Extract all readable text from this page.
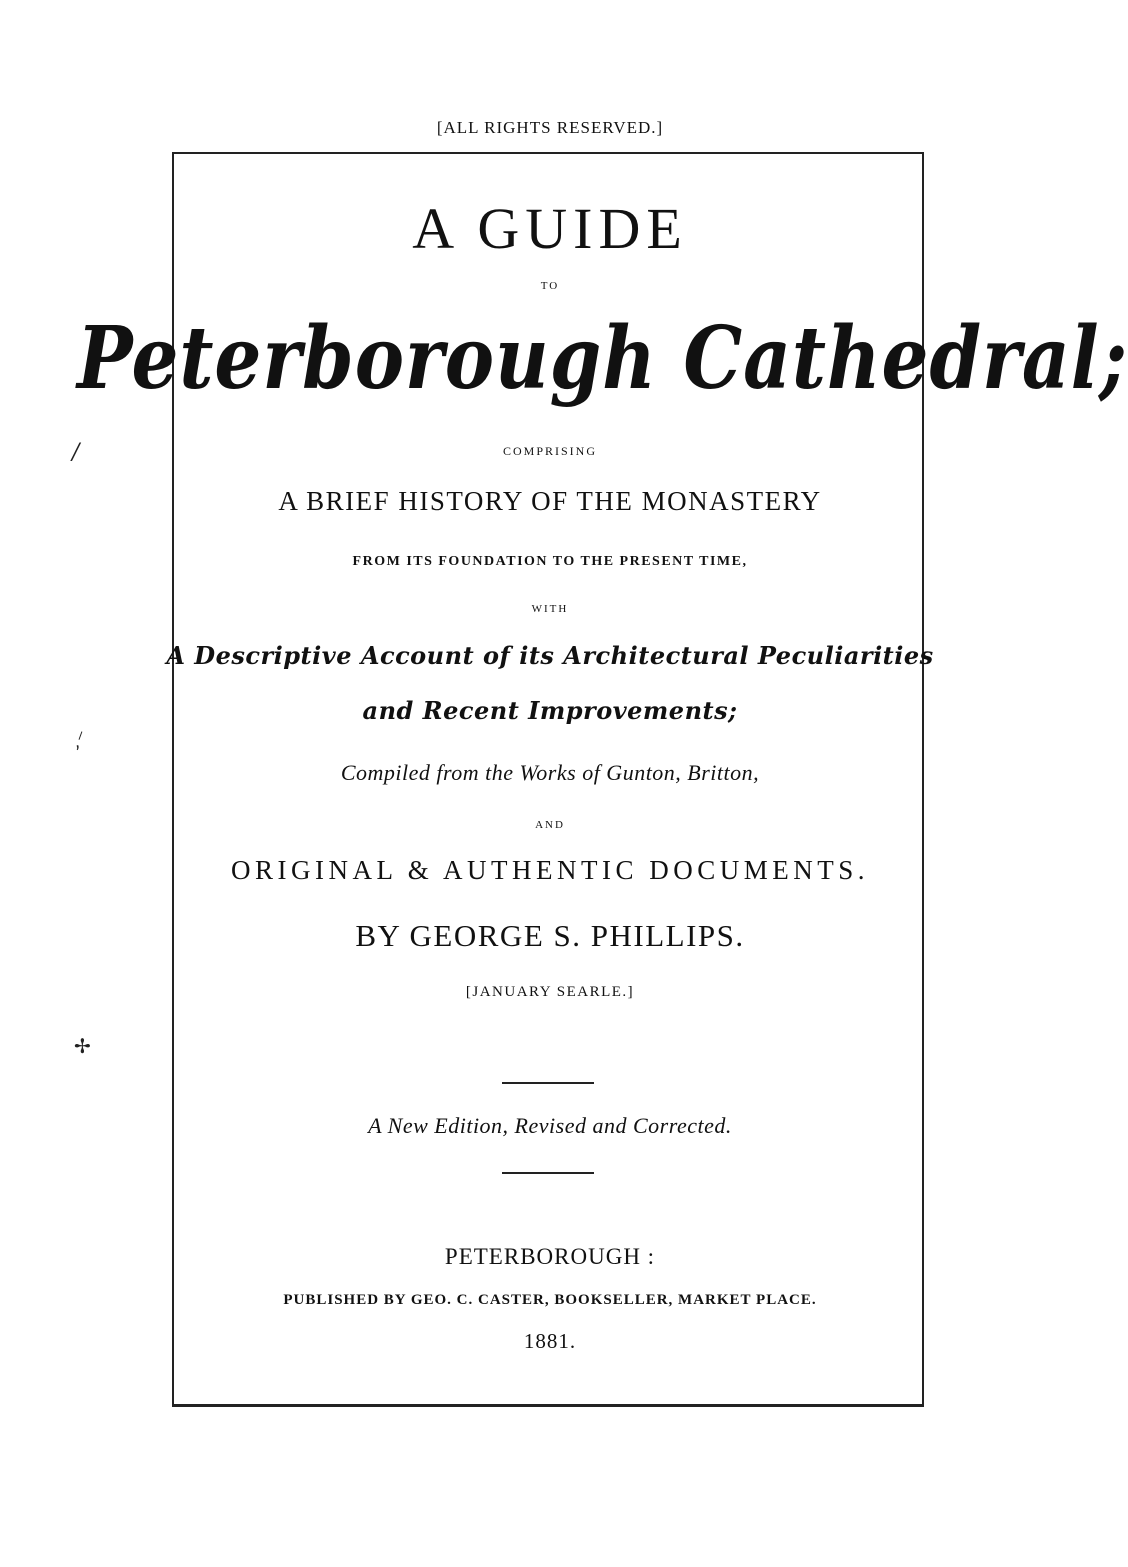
[ALL RIGHTS RESERVED.]
A GUIDE
TO
Peterborough Cathedral;
COMPRISING
A BRIEF HISTORY OF THE MONASTERY
FROM ITS FOUNDATION TO THE PRESENT TIME,
WITH
A Descriptive Account of its Architectural Peculiarities
and Recent Improvements;
Compiled from the Works of Gunton, Britton,
AND
ORIGINAL & AUTHENTIC DOCUMENTS.
BY GEORGE S. PHILLIPS.
[JANUARY SEARLE.]
A New Edition, Revised and Corrected.
PETERBOROUGH :
PUBLISHED BY GEO. C. CASTER, BOOKSELLER, MARKET PLACE.
1881.
/
‚⸍
✢
